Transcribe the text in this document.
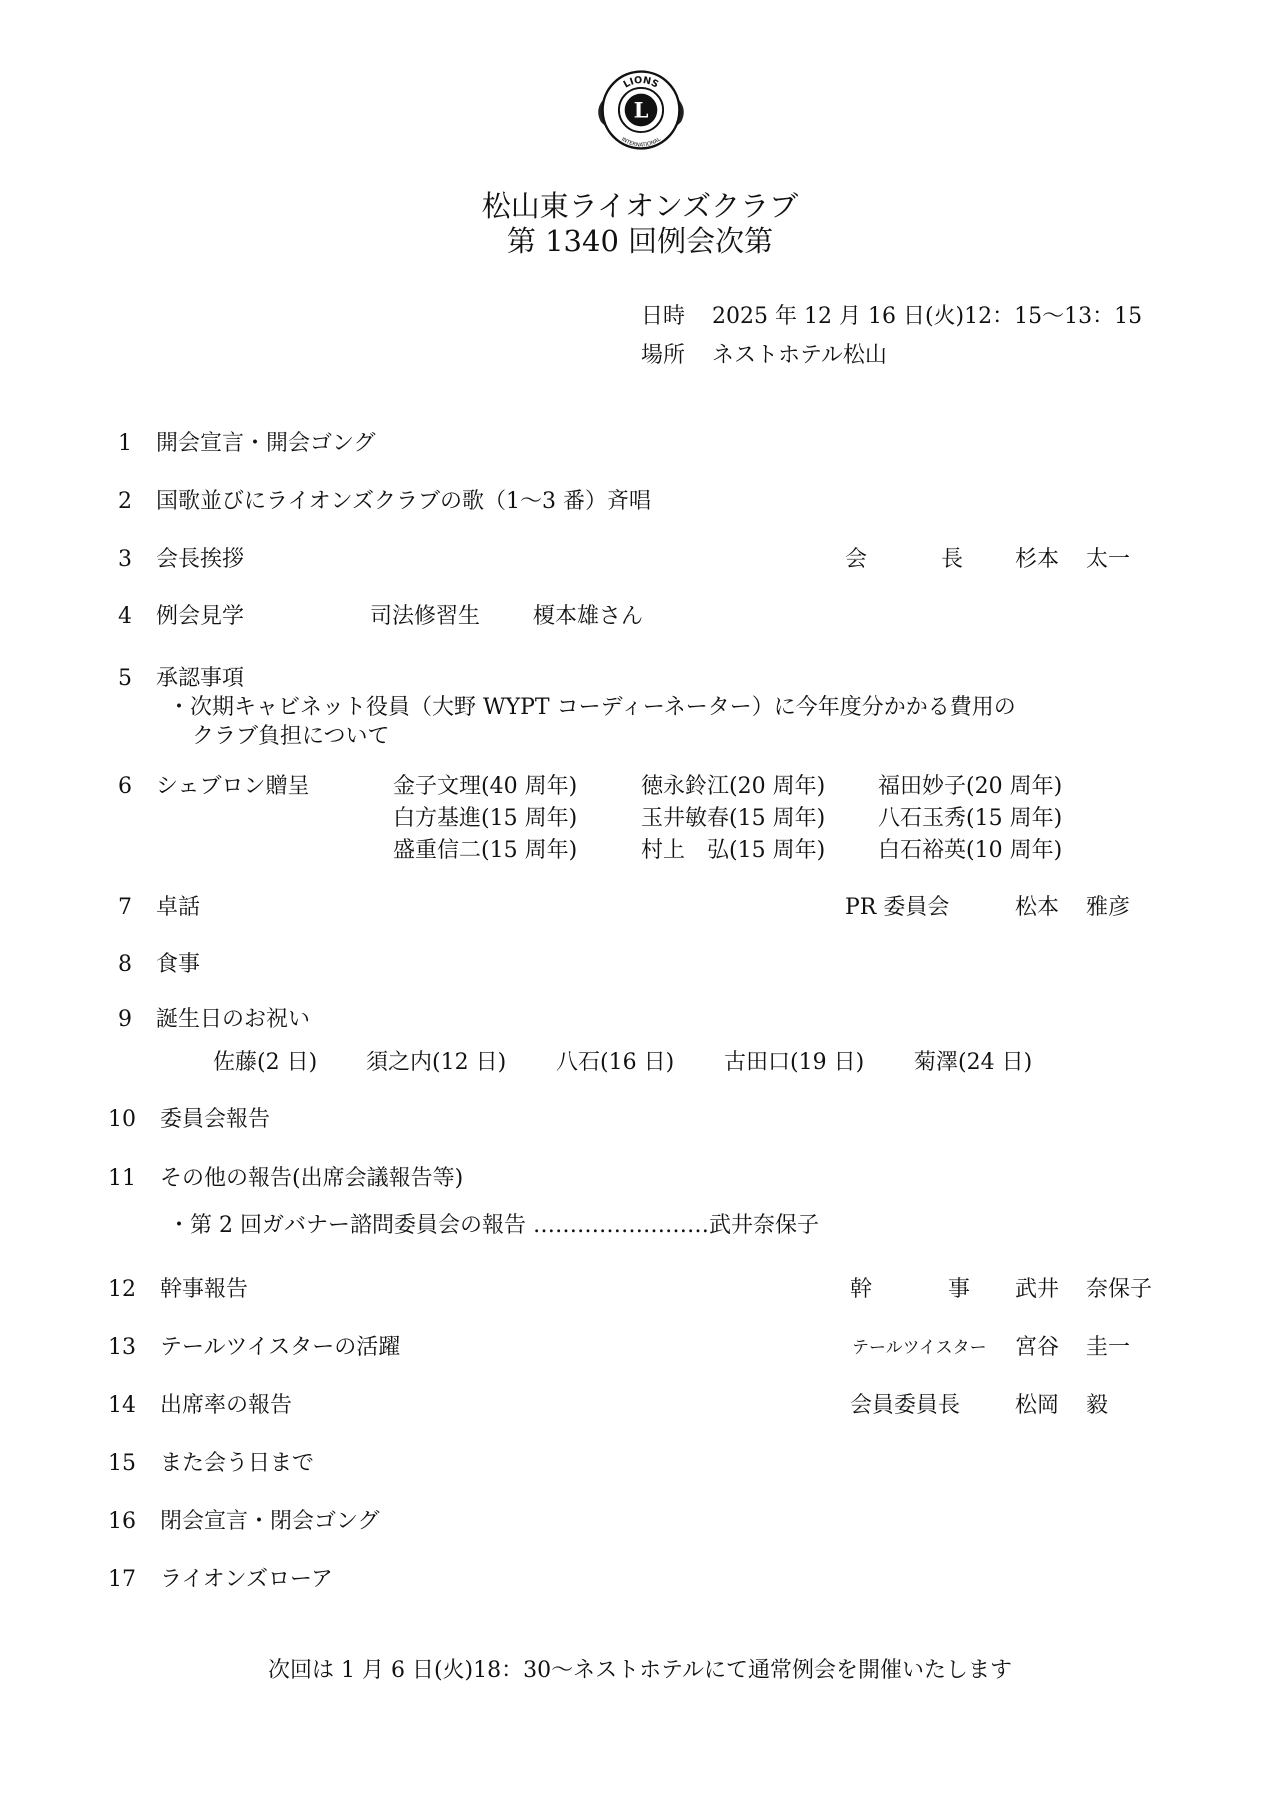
L
LIONS
INTERNATIONAL
松山東ライオンズクラブ
第 1340 回例会次第
日時 2025 年 12 月 16 日(火)12：15～13：15
場所 ネストホテル松山
1 開会宣言・開会ゴング
2 国歌並びにライオンズクラブの歌（1～3 番）斉唱
3 会長挨拶	会 長 杉本 太一
4 例会見学	司法修習生 榎本雄さん
5 承認事項
・次期キャビネット役員（大野 WYPT コーディーネーター）に今年度分かかる費用の
クラブ負担について
6 シェブロン贈呈	金子文理(40 周年)	徳永鈴江(20 周年) 福田妙子(20 周年)
白方基進(15 周年)	玉井敏春(15 周年) 八石玉秀(15 周年)
盛重信二(15 周年)	村上　弘(15 周年) 白石裕英(10 周年)
7 卓話	PR 委員会	松本 雅彦
8 食事
9 誕生日のお祝い
佐藤(2 日) 須之内(12 日) 八石(16 日) 古田口(19 日) 菊澤(24 日)
10 委員会報告
11 その他の報告(出席会議報告等)
・第 2 回ガバナー諮問委員会の報告 ……………………武井奈保子
12 幹事報告	幹 事 武井 奈保子
13 テールツイスターの活躍	テールツイスター 宮谷 圭一
14 出席率の報告	会員委員長 松岡 毅
15 また会う日まで
16 閉会宣言・閉会ゴング
17 ライオンズローア
次回は 1 月 6 日(火)18：30～ネストホテルにて通常例会を開催いたします
